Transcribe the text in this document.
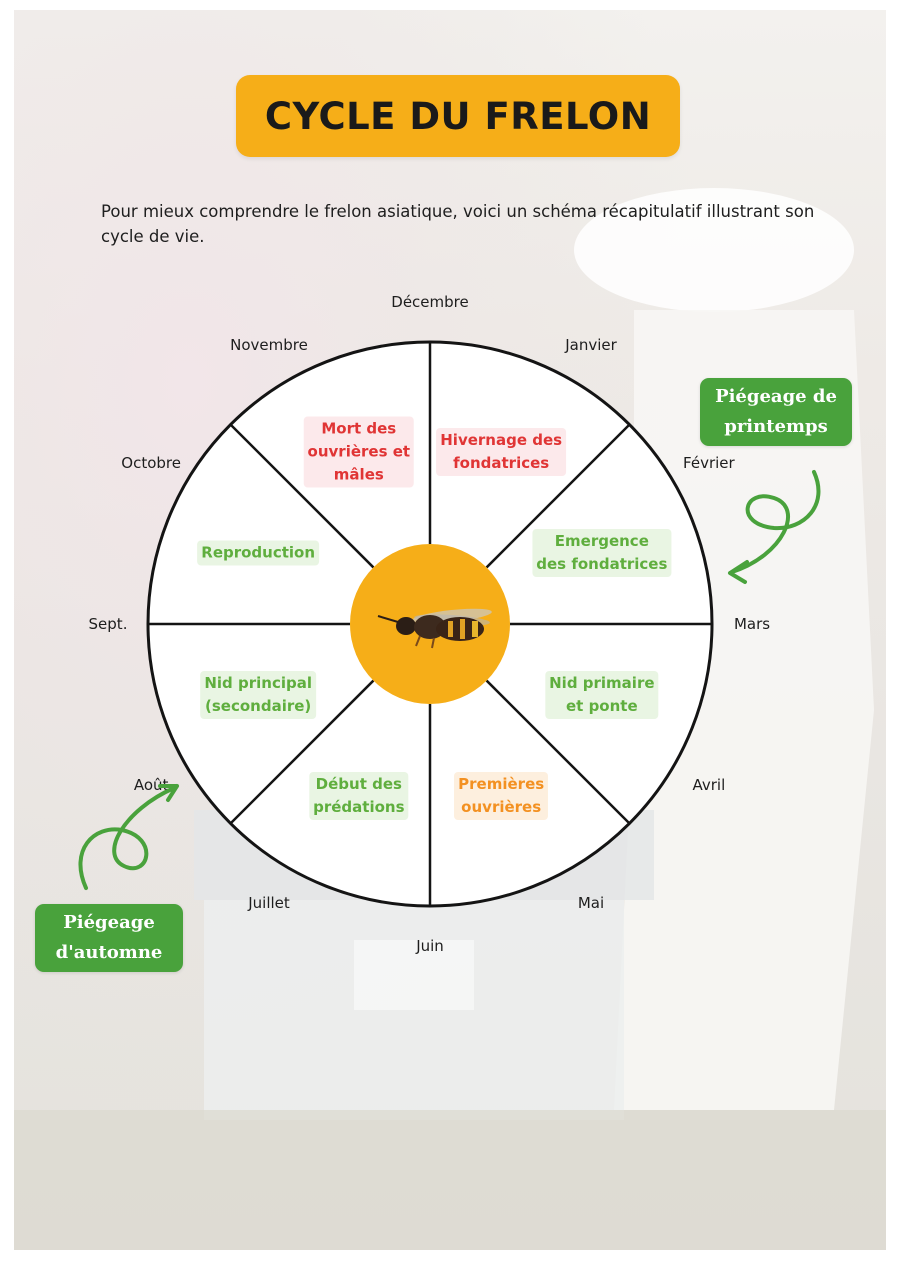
CYCLE DU FRELON
Pour mieux comprendre le frelon asiatique, voici un schéma récapitulatif illustrant son cycle de vie.
Décembre
Janvier
Février
Mars
Avril
Mai
Juin
Juillet
Août
Sept.
Octobre
Novembre
Hivernage des
fondatrices
Emergence
des fondatrices
Nid primaire
et ponte
Premières
ouvrières
Début des
prédations
Nid principal
(secondaire)
Reproduction
Mort des
ouvrières et
mâles
Piégeage de
printemps
Piégeage
d'automne
